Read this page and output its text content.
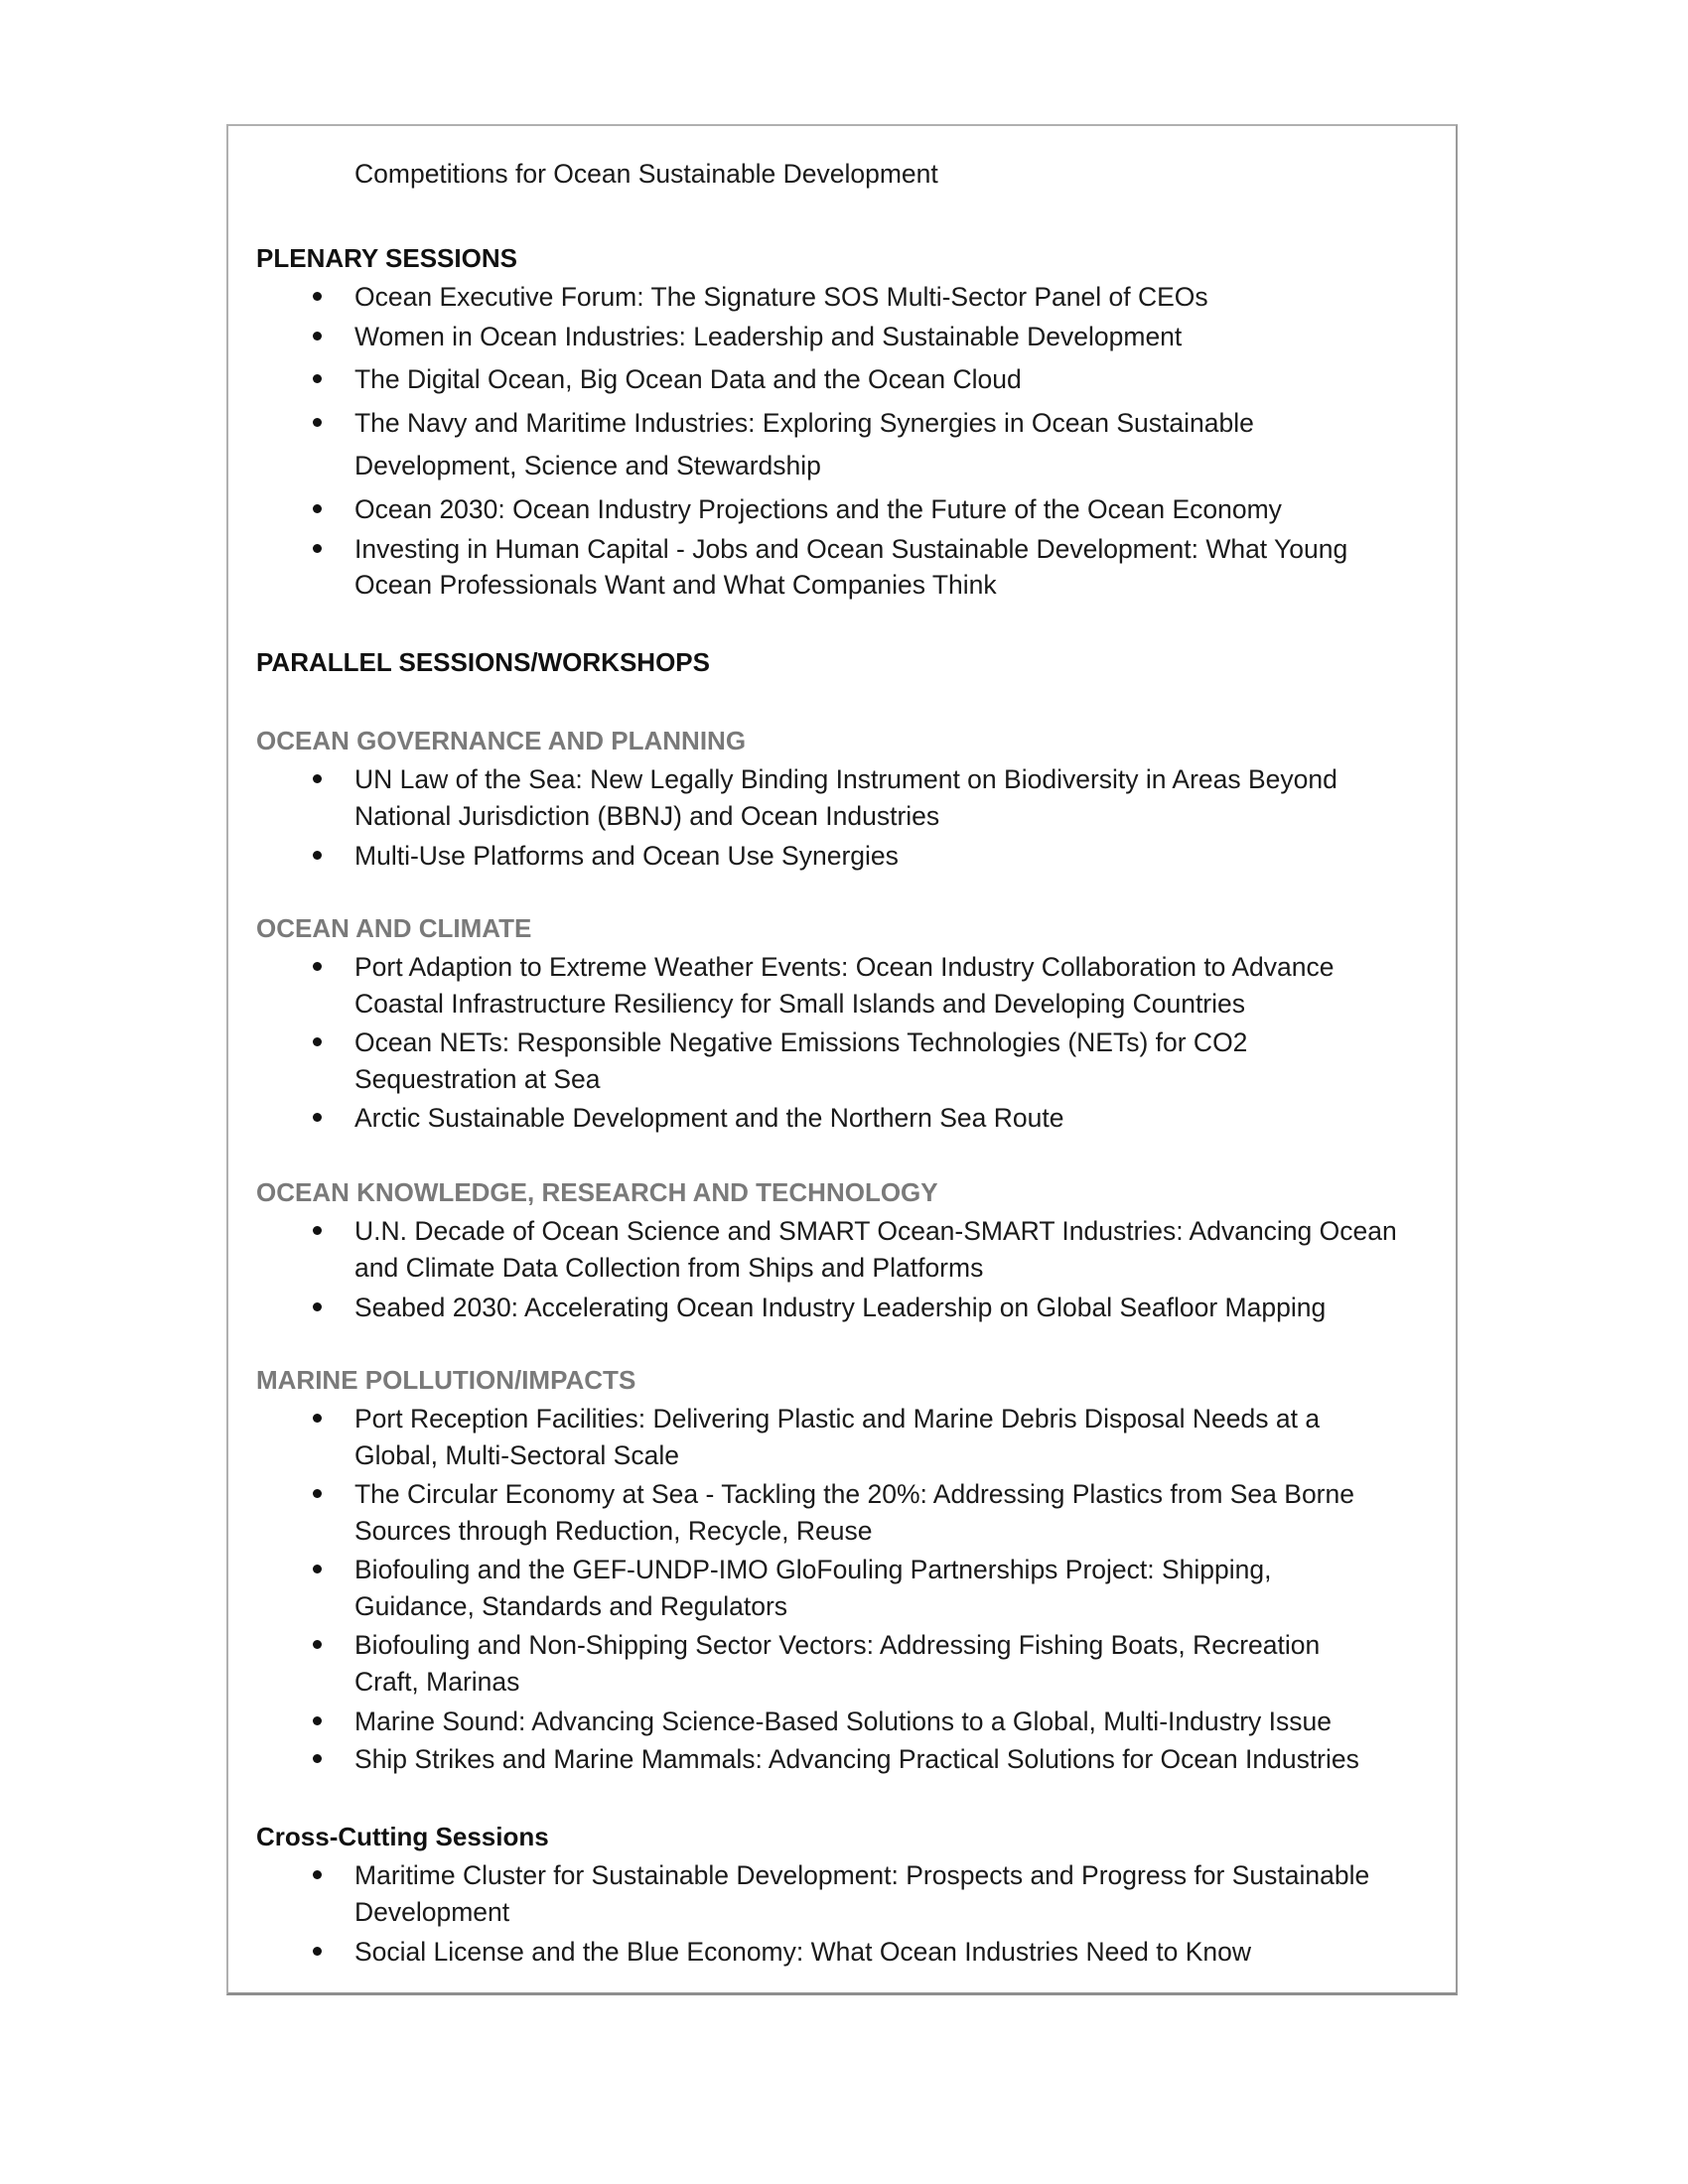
Competitions for Ocean Sustainable Development
PLENARY SESSIONS
Ocean Executive Forum: The Signature SOS Multi-Sector Panel of CEOs
Women in Ocean Industries: Leadership and Sustainable Development
The Digital Ocean, Big Ocean Data and the Ocean Cloud
The Navy and Maritime Industries: Exploring Synergies in Ocean Sustainable
Development, Science and Stewardship
Ocean 2030: Ocean Industry Projections and the Future of the Ocean Economy
Investing in Human Capital - Jobs and Ocean Sustainable Development: What Young
Ocean Professionals Want and What Companies Think
PARALLEL SESSIONS/WORKSHOPS
OCEAN GOVERNANCE AND PLANNING
UN Law of the Sea: New Legally Binding Instrument on Biodiversity in Areas Beyond
National Jurisdiction (BBNJ) and Ocean Industries
Multi-Use Platforms and Ocean Use Synergies
OCEAN AND CLIMATE
Port Adaption to Extreme Weather Events: Ocean Industry Collaboration to Advance
Coastal Infrastructure Resiliency for Small Islands and Developing Countries
Ocean NETs: Responsible Negative Emissions Technologies (NETs) for CO2
Sequestration at Sea
Arctic Sustainable Development and the Northern Sea Route
OCEAN KNOWLEDGE, RESEARCH AND TECHNOLOGY
U.N. Decade of Ocean Science and SMART Ocean-SMART Industries: Advancing Ocean
and Climate Data Collection from Ships and Platforms
Seabed 2030: Accelerating Ocean Industry Leadership on Global Seafloor Mapping
MARINE POLLUTION/IMPACTS
Port Reception Facilities: Delivering Plastic and Marine Debris Disposal Needs at a
Global, Multi-Sectoral Scale
The Circular Economy at Sea - Tackling the 20%: Addressing Plastics from Sea Borne
Sources through Reduction, Recycle, Reuse
Biofouling and the GEF-UNDP-IMO GloFouling Partnerships Project: Shipping,
Guidance, Standards and Regulators
Biofouling and Non-Shipping Sector Vectors: Addressing Fishing Boats, Recreation
Craft, Marinas
Marine Sound: Advancing Science-Based Solutions to a Global, Multi-Industry Issue
Ship Strikes and Marine Mammals: Advancing Practical Solutions for Ocean Industries
Cross-Cutting Sessions
Maritime Cluster for Sustainable Development: Prospects and Progress for Sustainable
Development
Social License and the Blue Economy: What Ocean Industries Need to Know
